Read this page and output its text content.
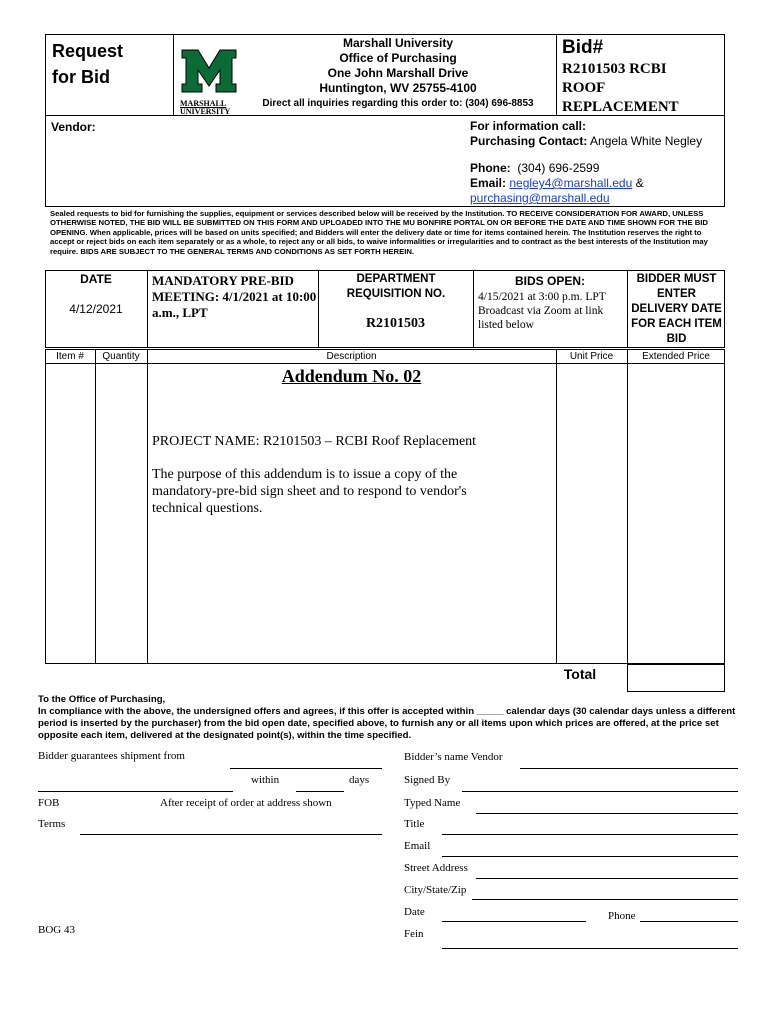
Request
for Bid
MARSHALL
UNIVERSITY
Marshall University
Office of Purchasing
One John Marshall Drive
Huntington, WV 25755-4100
Direct all inquiries regarding this order to: (304) 696-8853
Bid#
R2101503 RCBI
ROOF
REPLACEMENT
Vendor:	For information call:
Purchasing Contact: Angela White Negley
Phone: (304) 696-2599
Email: negley4@marshall.edu &
purchasing@marshall.edu
Sealed requests to bid for furnishing the supplies, equipment or services described below will be received by the Institution. TO RECEIVE CONSIDERATION FOR AWARD, UNLESS OTHERWISE NOTED, THE BID WILL BE SUBMITTED ON THIS FORM AND UPLOADED INTO THE MU BONFIRE PORTAL ON OR BEFORE THE DATE AND TIME SHOWN FOR THE BID OPENING. When applicable, prices will be based on units specified; and Bidders will enter the delivery date or time for items contained herein. The Institution reserves the right to accept or reject bids on each item separately or as a whole, to reject any or all bids, to waive informalities or irregularities and to contract as the best interests of the Institution may require. BIDS ARE SUBJECT TO THE GENERAL TERMS AND CONDITIONS AS SET FORTH HEREIN.
DATE
4/12/2021
MANDATORY PRE-BID MEETING: 4/1/2021 at 10:00 a.m., LPT
DEPARTMENT REQUISITION NO.
R2101503
BIDS OPEN:
4/15/2021 at 3:00 p.m. LPT Broadcast via Zoom at link listed below
BIDDER MUST ENTER DELIVERY DATE FOR EACH ITEM BID
Item #	Quantity	Description	Unit Price	Extended Price
Addendum No. 02
PROJECT NAME: R2101503 – RCBI Roof Replacement
The purpose of this addendum is to issue a copy of the mandatory-pre-bid sign sheet and to respond to vendor's technical questions.
Total
To the Office of Purchasing,
In compliance with the above, the undersigned offers and agrees, if this offer is accepted within _____ calendar days (30 calendar days unless a different period is inserted by the purchaser) from the bid open date, specified above, to furnish any or all items upon which prices are offered, at the price set opposite each item, delivered at the designated point(s), within the time specified.
Bidder guarantees shipment from
within	days
FOB	After receipt of order at address shown
Terms
BOG 43
Bidder’s name Vendor
Signed By
Typed Name
Title
Email
Street Address
City/State/Zip
Date	Phone
Fein
